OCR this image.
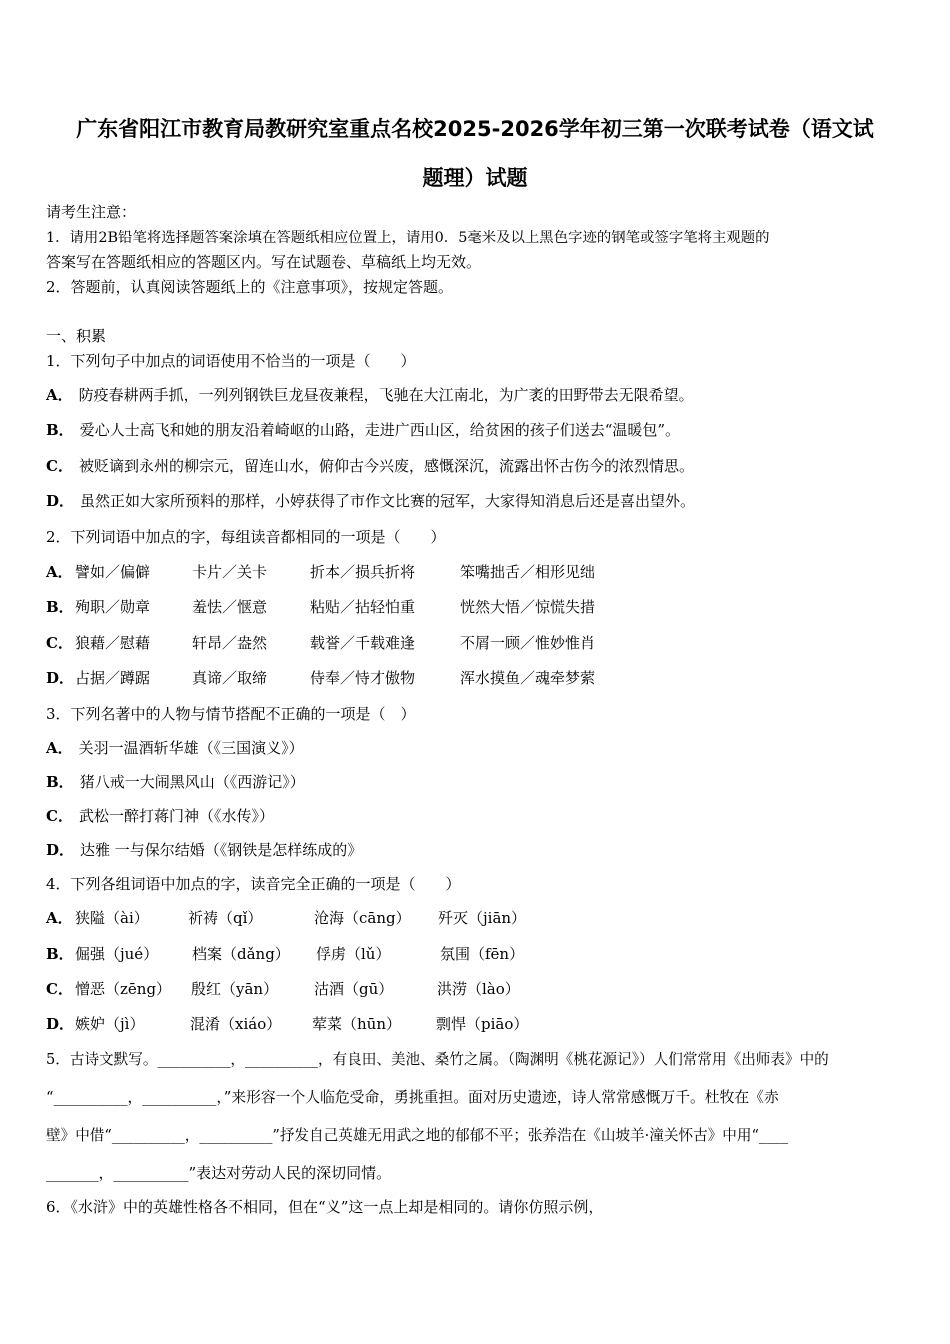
广东省阳江市教育局教研究室重点名校2025-2026学年初三第一次联考试卷（语文试
题理）试题
请考生注意：
1．请用2B铅笔将选择题答案涂填在答题纸相应位置上，请用0．5毫米及以上黑色字迹的钢笔或签字笔将主观题的
答案写在答题纸相应的答题区内。写在试题卷、草稿纸上均无效。
2．答题前，认真阅读答题纸上的《注意事项》，按规定答题。
一、积累
1．下列句子中加点的词语使用不恰当的一项是（　　）
A． 防疫春耕两手抓，一列列钢铁巨龙昼夜兼程，飞驰在大江南北，为广袤的田野带去无限希望。
B． 爱心人士高飞和她的朋友沿着崎岖的山路，走进广西山区，给贫困的孩子们送去“温暖包”。
C． 被贬谪到永州的柳宗元，留连山水，俯仰古今兴废，感慨深沉，流露出怀古伤今的浓烈情思。
D． 虽然正如大家所预料的那样，小婷获得了市作文比赛的冠军，大家得知消息后还是喜出望外。
2．下列词语中加点的字，每组读音都相同的一项是（　　）
A． 譬如／偏僻	卡片／关卡	折本／损兵折将	笨嘴拙舌／相形见绌
B． 殉职／勋章	羞怯／惬意	粘贴／拈轻怕重	恍然大悟／惊慌失措
C． 狼藉／慰藉	轩昂／盎然	载誉／千载难逢	不屑一顾／惟妙惟肖
D． 占据／蹲踞	真谛／取缔	侍奉／恃才傲物	浑水摸鱼／魂牵梦萦
3．下列名著中的人物与情节搭配不正确的一项是（　）
A． 关羽一温酒斩华雄（《三国演义》）
B． 猪八戒一大闹黑风山（《西游记》）
C． 武松一醉打蒋门神（《水传》）
D． 达雅 一与保尔结婚（《钢铁是怎样练成的》
4．下列各组词语中加点的字，读音完全正确的一项是（　　）
A． 狭隘（ài）	祈祷（qǐ）	沧海（cāng） 歼灭（jiān）
B． 倔强（jué） 档案（dǎng） 俘虏（lǔ）	氛围（fēn）
C． 憎恶（zēng） 殷红（yān） 沽酒（gū）	洪涝（lào）
D． 嫉妒（jì）	混淆（xiáo） 荤菜（hūn） 剽悍（piāo）
5．古诗文默写。__________，__________，有良田、美池、桑竹之属。（陶渊明《桃花源记》）人们常常用《出师表》中的
“__________，__________，”来形容一个人临危受命，勇挑重担。面对历史遗迹，诗人常常感慨万千。杜牧在《赤
壁》中借“__________，__________”抒发自己英雄无用武之地的郁郁不平；张养浩在《山坡羊·潼关怀古》中用“____
_______，__________”表达对劳动人民的深切同情。
6．《水浒》中的英雄性格各不相同，但在“义”这一点上却是相同的。请你仿照示例，
